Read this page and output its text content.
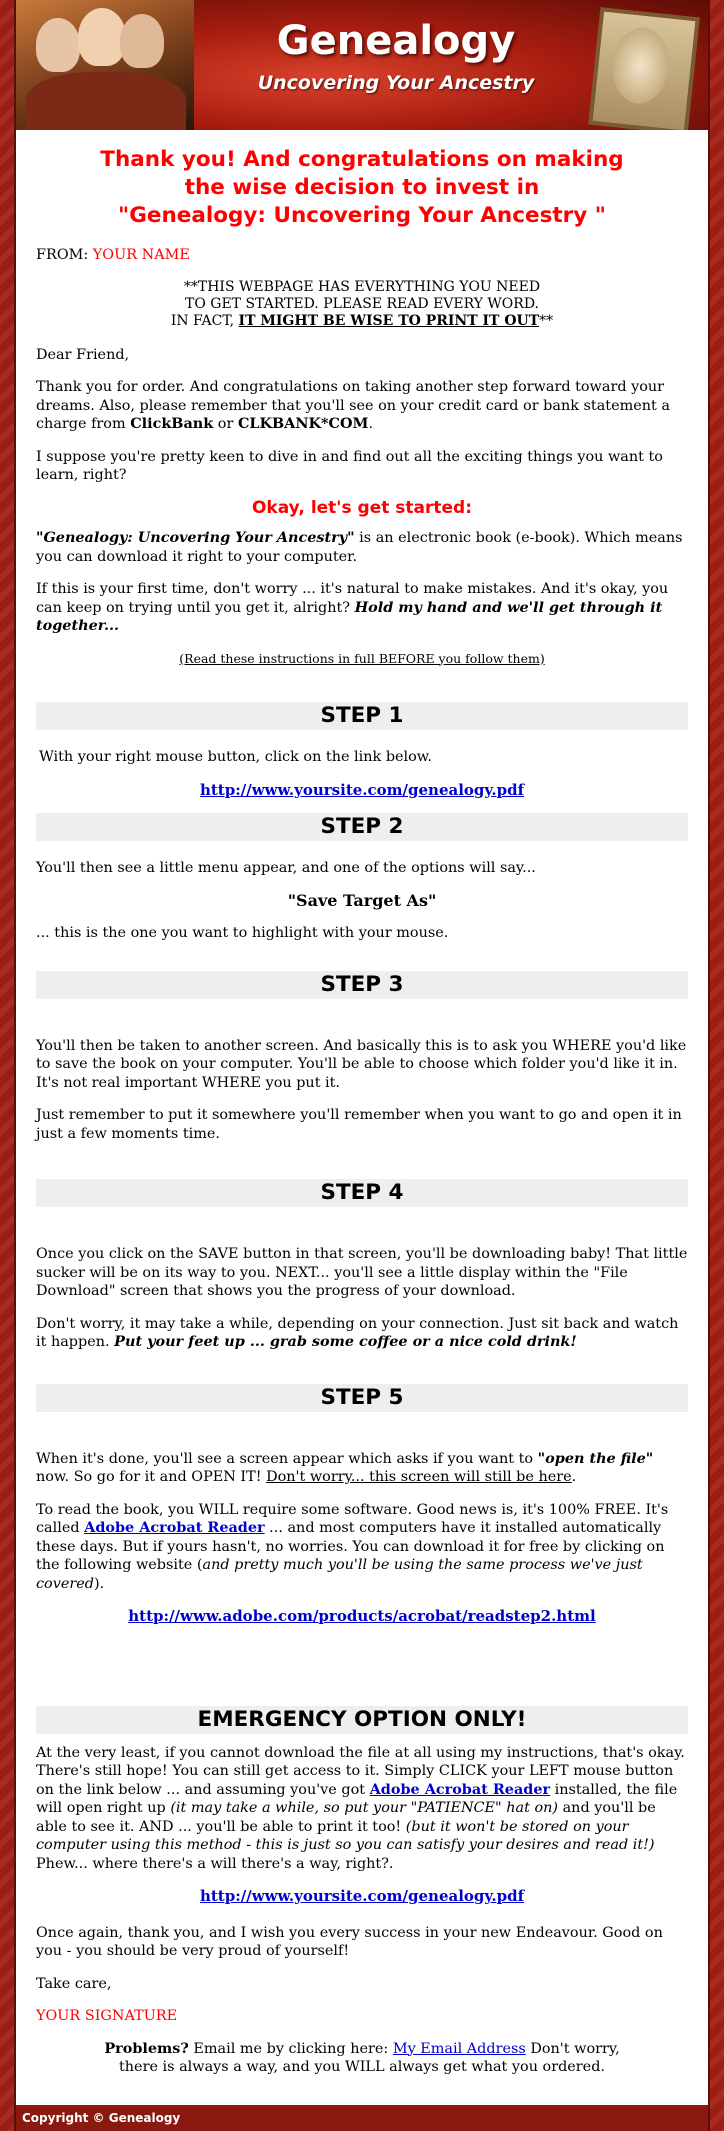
Genealogy
Uncovering Your Ancestry
Thank you! And congratulations on making
the wise decision to invest in
"Genealogy: Uncovering Your Ancestry "

FROM: YOUR NAME

**THIS WEBPAGE HAS EVERYTHING YOU NEED
TO GET STARTED. PLEASE READ EVERY WORD.
IN FACT, IT MIGHT BE WISE TO PRINT IT OUT**

Dear Friend,

Thank you for order. And congratulations on taking another step forward toward your dreams. Also, please remember that you'll see on your credit card or bank statement a charge from ClickBank or CLKBANK*COM.

I suppose you're pretty keen to dive in and find out all the exciting things you want to learn, right?

Okay, let's get started:

"Genealogy: Uncovering Your Ancestry" is an electronic book (e-book). Which means you can download it right to your computer.

If this is your first time, don't worry ... it's natural to make mistakes. And it's okay, you can keep on trying until you get it, alright? Hold my hand and we'll get through it together...

(Read these instructions in full BEFORE you follow them)

STEP 1

With your right mouse button, click on the link below.

http://www.yoursite.com/genealogy.pdf

STEP 2

You'll then see a little menu appear, and one of the options will say...

"Save Target As"

... this is the one you want to highlight with your mouse.

STEP 3

You'll then be taken to another screen. And basically this is to ask you WHERE you'd like to save the book on your computer. You'll be able to choose which folder you'd like it in. It's not real important WHERE you put it.

Just remember to put it somewhere you'll remember when you want to go and open it in just a few moments time.

STEP 4

Once you click on the SAVE button in that screen, you'll be downloading baby! That little sucker will be on its way to you. NEXT... you'll see a little display within the "File Download" screen that shows you the progress of your download.

Don't worry, it may take a while, depending on your connection. Just sit back and watch it happen. Put your feet up ... grab some coffee or a nice cold drink!

STEP 5

When it's done, you'll see a screen appear which asks if you want to "open the file" now. So go for it and OPEN IT! Don't worry... this screen will still be here.

To read the book, you WILL require some software. Good news is, it's 100% FREE. It's called Adobe Acrobat Reader ... and most computers have it installed automatically these days. But if yours hasn't, no worries. You can download it for free by clicking on the following website (and pretty much you'll be using the same process we've just covered).

http://www.adobe.com/products/acrobat/readstep2.html

EMERGENCY OPTION ONLY!

At the very least, if you cannot download the file at all using my instructions, that's okay. There's still hope! You can still get access to it. Simply CLICK your LEFT mouse button on the link below ... and assuming you've got Adobe Acrobat Reader installed, the file will open right up (it may take a while, so put your "PATIENCE" hat on) and you'll be able to see it. AND ... you'll be able to print it too! (but it won't be stored on your computer using this method - this is just so you can satisfy your desires and read it!) Phew... where there's a will there's a way, right?.

http://www.yoursite.com/genealogy.pdf

Once again, thank you, and I wish you every success in your new Endeavour. Good on you - you should be very proud of yourself!

Take care,

YOUR SIGNATURE

Problems? Email me by clicking here: My Email Address Don't worry,
there is always a way, and you WILL always get what you ordered.
Copyright © Genealogy
